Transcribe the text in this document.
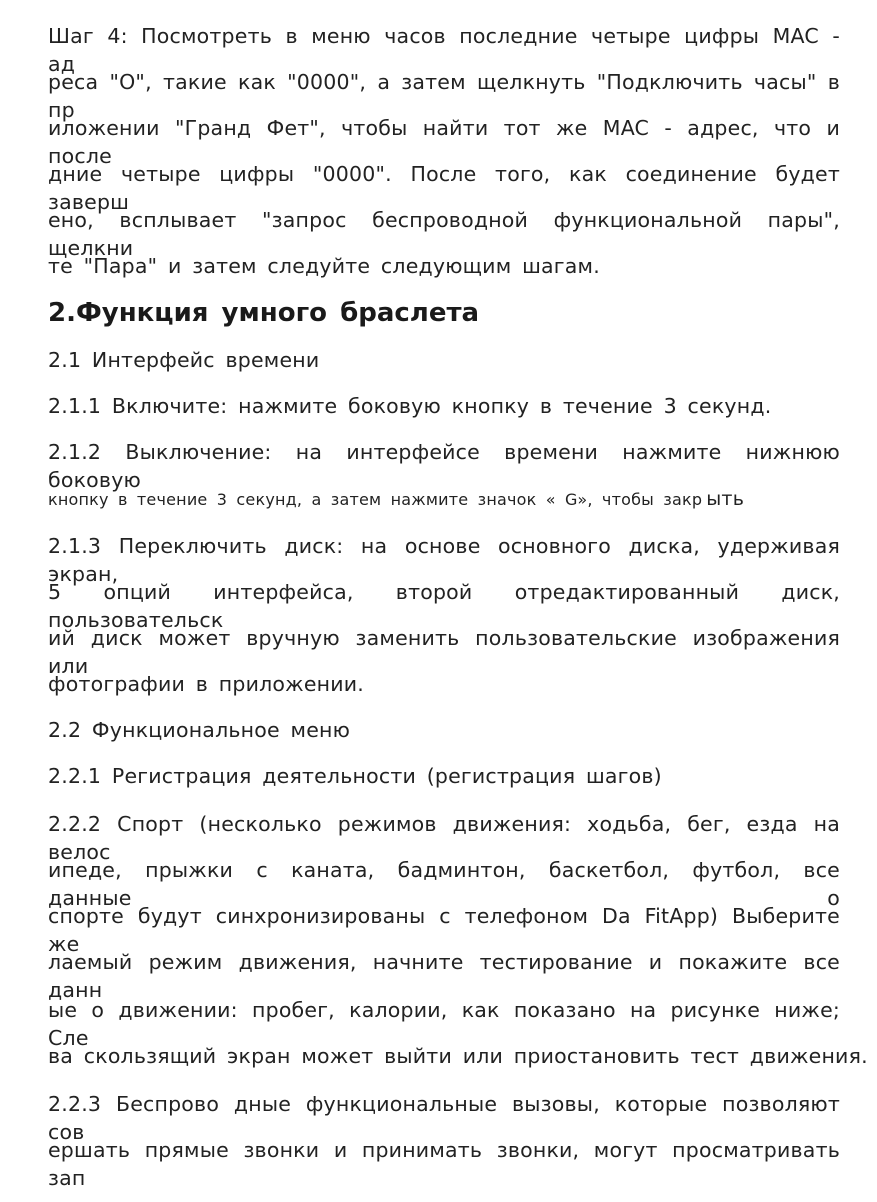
Шаг 4: Посмотреть в меню часов последние четыре цифры MAC - ад
реса "O", такие как "0000", а затем щелкнуть "Подключить часы" в пр
иложении "Гранд Фет", чтобы найти тот же MAC - адрес, что и после
дние четыре цифры "0000". После того, как соединение будет заверш
ено, всплывает "запрос беспроводной функциональной пары", щелкни
те "Пара" и затем следуйте следующим шагам.
2.Функция умного браслета
2.1 Интерфейс времени
2.1.1 Включите: нажмите боковую кнопку в течение 3 секунд.
2.1.2 Выключение: на интерфейсе времени нажмите нижнюю боковую
кнопку в течение 3 секунд, а затем нажмите значок « G», чтобы закр ыть
2.1.3 Переключить диск: на основе основного диска, удерживая экран,
5 опций интерфейса, второй отредактированный диск, пользовательск
ий диск может вручную заменить пользовательские изображения или
фотографии в приложении.
2.2 Функциональное меню
2.2.1 Регистрация деятельности (регистрация шагов)
2.2.2 Спорт (несколько режимов движения: ходьба, бег, езда на велос
ипеде, прыжки с каната, бадминтон, баскетбол, футбол, все данные о
спорте будут синхронизированы с телефоном Da FitApp) Выберите же
лаемый режим движения, начните тестирование и покажите все данн
ые о движении: пробег, калории, как показано на рисунке ниже; Сле
ва скользящий экран может выйти или приостановить тест движения.
2.2.3 Беспрово дные функциональные вызовы, которые позволяют сов
ершать прямые звонки и принимать звонки, могут просматривать зап
